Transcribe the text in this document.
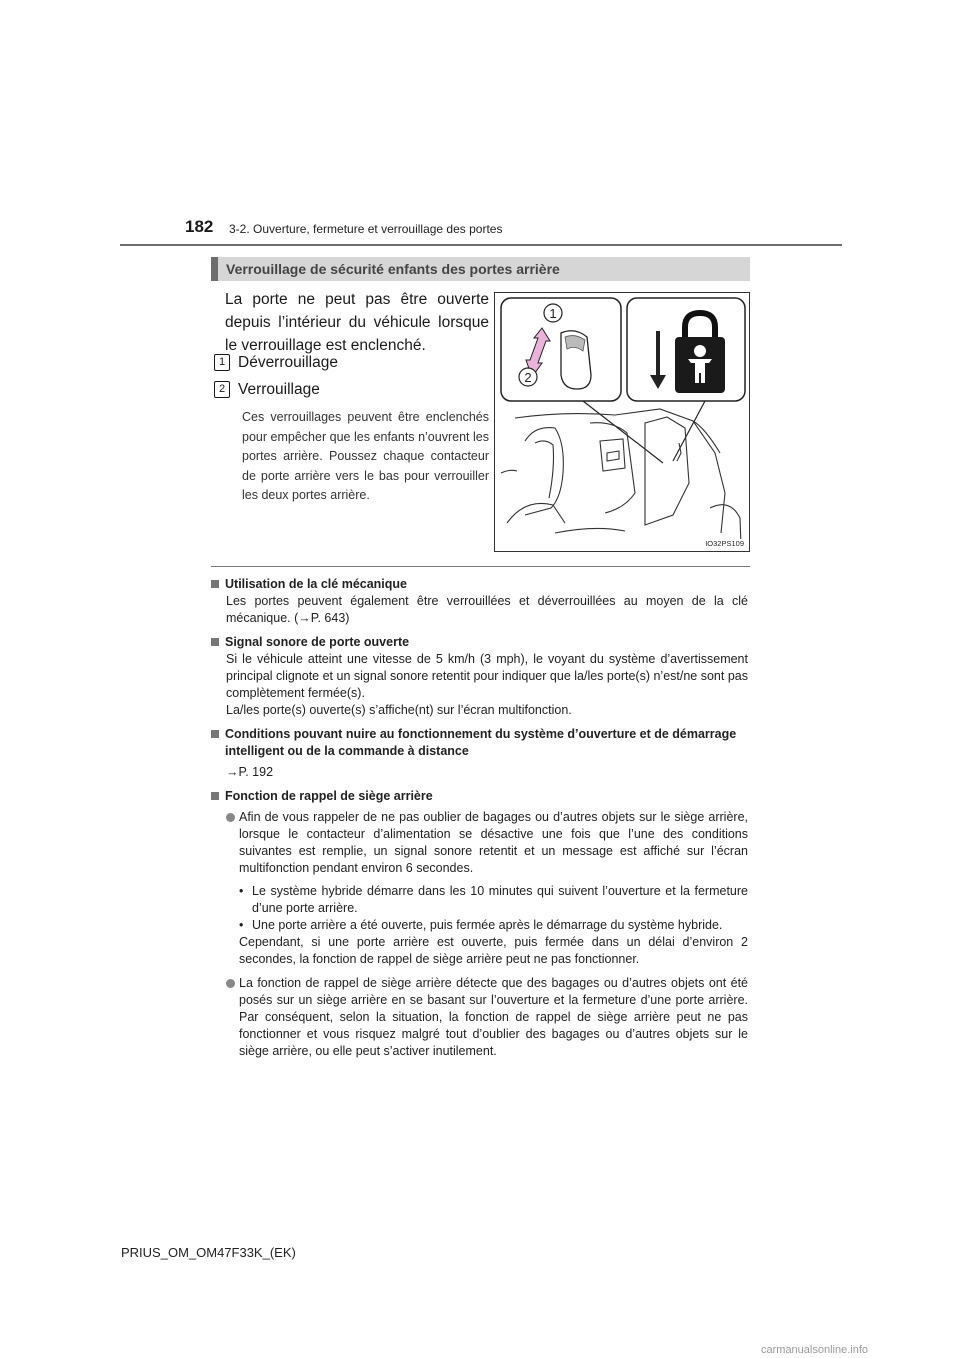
182 3-2. Ouverture, fermeture et verrouillage des portes
Verrouillage de sécurité enfants des portes arrière

La porte ne peut pas être ouverte depuis l’intérieur du véhicule lorsque le verrouillage est enclenché.

1 Déverrouillage
2 Verrouillage

Ces verrouillages peuvent être enclenchés pour empêcher que les enfants n’ouvrent les portes arrière. Poussez chaque contacteur de porte arrière vers le bas pour verrouiller les deux portes arrière.

1
2
IO32PS109
Utilisation de la clé mécanique

Les portes peuvent également être verrouillées et déverrouillées au moyen de la clé mécanique. (→P. 643)

Signal sonore de porte ouverte

Si le véhicule atteint une vitesse de 5 km/h (3 mph), le voyant du système d’avertissement principal clignote et un signal sonore retentit pour indiquer que la/les porte(s) n’est/ne sont pas complètement fermée(s).

La/les porte(s) ouverte(s) s’affiche(nt) sur l’écran multifonction.

Conditions pouvant nuire au fonctionnement du système d’ouverture et de démarrage intelligent ou de la commande à distance

→P. 192

Fonction de rappel de siège arrière

Afin de vous rappeler de ne pas oublier de bagages ou d’autres objets sur le siège arrière, lorsque le contacteur d’alimentation se désactive une fois que l’une des conditions suivantes est remplie, un signal sonore retentit et un message est affiché sur l’écran multifonction pendant environ 6 secondes.

• Le système hybride démarre dans les 10 minutes qui suivent l’ouverture et la fermeture d’une porte arrière.

• Une porte arrière a été ouverte, puis fermée après le démarrage du système hybride.

Cependant, si une porte arrière est ouverte, puis fermée dans un délai d’environ 2 secondes, la fonction de rappel de siège arrière peut ne pas fonctionner.

La fonction de rappel de siège arrière détecte que des bagages ou d’autres objets ont été posés sur un siège arrière en se basant sur l’ouverture et la fermeture d’une porte arrière. Par conséquent, selon la situation, la fonction de rappel de siège arrière peut ne pas fonctionner et vous risquez malgré tout d’oublier des bagages ou d’autres objets sur le siège arrière, ou elle peut s’activer inutilement.

PRIUS_OM_OM47F33K_(EK)
carmanualsonline.info
